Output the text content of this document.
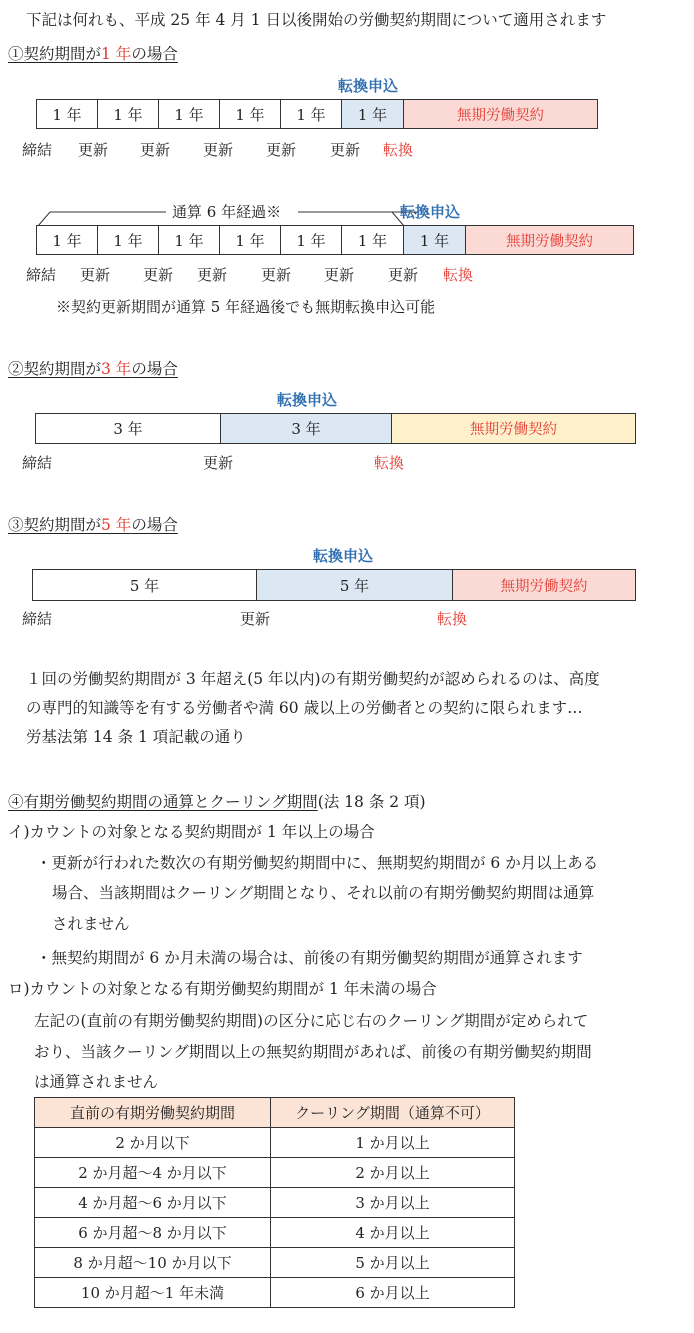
下記は何れも、平成 25 年 4 月 1 日以後開始の労働契約期間について適用されます
①契約期間が1 年の場合
転換申込
1 年	1 年	1 年	1 年	1 年	1 年	無期労働契約
締結 更新 更新 更新 更新 更新 転換
通算 6 年経過※	転換申込
1 年	1 年	1 年	1 年	1 年	1 年	1 年	無期労働契約
締結 更新 更新 更新 更新 更新 更新 転換
※契約更新期間が通算 5 年経過後でも無期転換申込可能
②契約期間が3 年の場合
転換申込
3 年	3 年	無期労働契約
締結	更新	転換
③契約期間が5 年の場合
転換申込
5 年	5 年	無期労働契約
締結	更新	転換
１回の労働契約期間が 3 年超え(5 年以内)の有期労働契約が認められるのは、高度
の専門的知識等を有する労働者や満 60 歳以上の労働者との契約に限られます…
労基法第 14 条 1 項記載の通り
④有期労働契約期間の通算とクーリング期間(法 18 条 2 項)
イ)カウントの対象となる契約期間が 1 年以上の場合
・更新が行われた数次の有期労働契約期間中に、無期契約期間が 6 か月以上ある
場合、当該期間はクーリング期間となり、それ以前の有期労働契約期間は通算
されません
・無契約期間が 6 か月未満の場合は、前後の有期労働契約期間が通算されます
ロ)カウントの対象となる有期労働契約期間が 1 年未満の場合
左記の(直前の有期労働契約期間)の区分に応じ右のクーリング期間が定められて
おり、当該クーリング期間以上の無契約期間があれば、前後の有期労働契約期間
は通算されません
直前の有期労働契約期間	クーリング期間（通算不可）
2 か月以下	1 か月以上
2 か月超～4 か月以下	2 か月以上
4 か月超～6 か月以下	3 か月以上
6 か月超～8 か月以下	4 か月以上
8 か月超～10 か月以下	5 か月以上
10 か月超～1 年未満	6 か月以上
